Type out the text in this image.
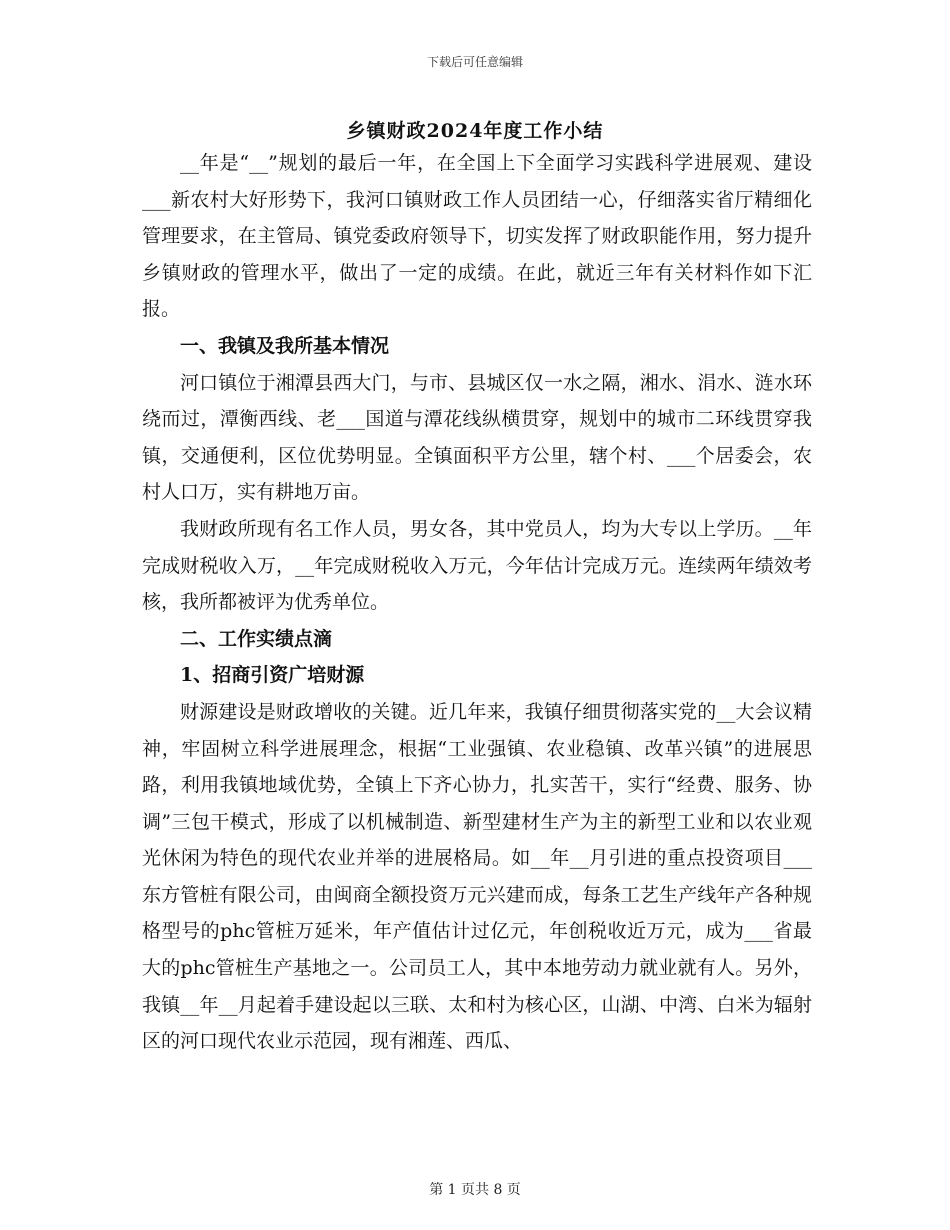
下载后可任意编辑
乡镇财政2024年度工作小结

__年是“__”规划的最后一年，在全国上下全面学习实践科学进展观、建设___新农村大好形势下，我河口镇财政工作人员团结一心，仔细落实省厅精细化管理要求，在主管局、镇党委政府领导下，切实发挥了财政职能作用，努力提升乡镇财政的管理水平，做出了一定的成绩。在此，就近三年有关材料作如下汇报。

一、我镇及我所基本情况

河口镇位于湘潭县西大门，与市、县城区仅一水之隔，湘水、涓水、涟水环绕而过，潭衡西线、老___国道与潭花线纵横贯穿，规划中的城市二环线贯穿我镇，交通便利，区位优势明显。全镇面积平方公里，辖个村、___个居委会，农村人口万，实有耕地万亩。

我财政所现有名工作人员，男女各，其中党员人，均为大专以上学历。__年完成财税收入万，__年完成财税收入万元，今年估计完成万元。连续两年绩效考核，我所都被评为优秀单位。

二、工作实绩点滴

1、招商引资广培财源

财源建设是财政增收的关键。近几年来，我镇仔细贯彻落实党的__大会议精神，牢固树立科学进展理念，根据“工业强镇、农业稳镇、改革兴镇”的进展思路，利用我镇地域优势，全镇上下齐心协力，扎实苦干，实行“经费、服务、协调”三包干模式，形成了以机械制造、新型建材生产为主的新型工业和以农业观光休闲为特色的现代农业并举的进展格局。如__年__月引进的重点投资项目___东方管桩有限公司，由闽商全额投资万元兴建而成，每条工艺生产线年产各种规格型号的phc管桩万延米，年产值估计过亿元，年创税收近万元，成为___省最大的phc管桩生产基地之一。公司员工人，其中本地劳动力就业就有人。另外，我镇__年__月起着手建设起以三联、太和村为核心区，山湖、中湾、白米为辐射区的河口现代农业示范园，现有湘莲、西瓜、

第 1 页共 8 页
